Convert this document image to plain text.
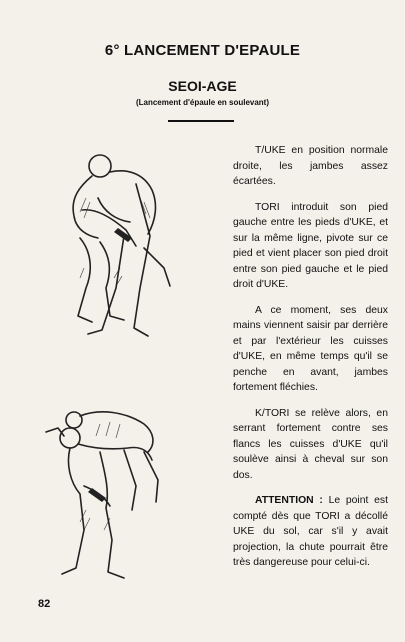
6° LANCEMENT D'EPAULE
SEOI-AGE
(Lancement d'épaule en soulevant)

T/UKE en position normale droite, les jambes assez écartées.

TORI introduit son pied gauche entre les pieds d'UKE, et sur la même ligne, pivote sur ce pied et vient placer son pied droit entre son pied gauche et le pied droit d'UKE.

A ce moment, ses deux mains viennent saisir par derrière et par l'extérieur les cuisses d'UKE, en même temps qu'il se penche en avant, jambes fortement fléchies.

K/TORI se relève alors, en serrant fortement contre ses flancs les cuisses d'UKE qu'il soulève ainsi à cheval sur son dos.

ATTENTION : Le point est compté dès que TORI a décollé UKE du sol, car s'il y avait projection, la chute pourrait être très dangereuse pour celui-ci.

82
